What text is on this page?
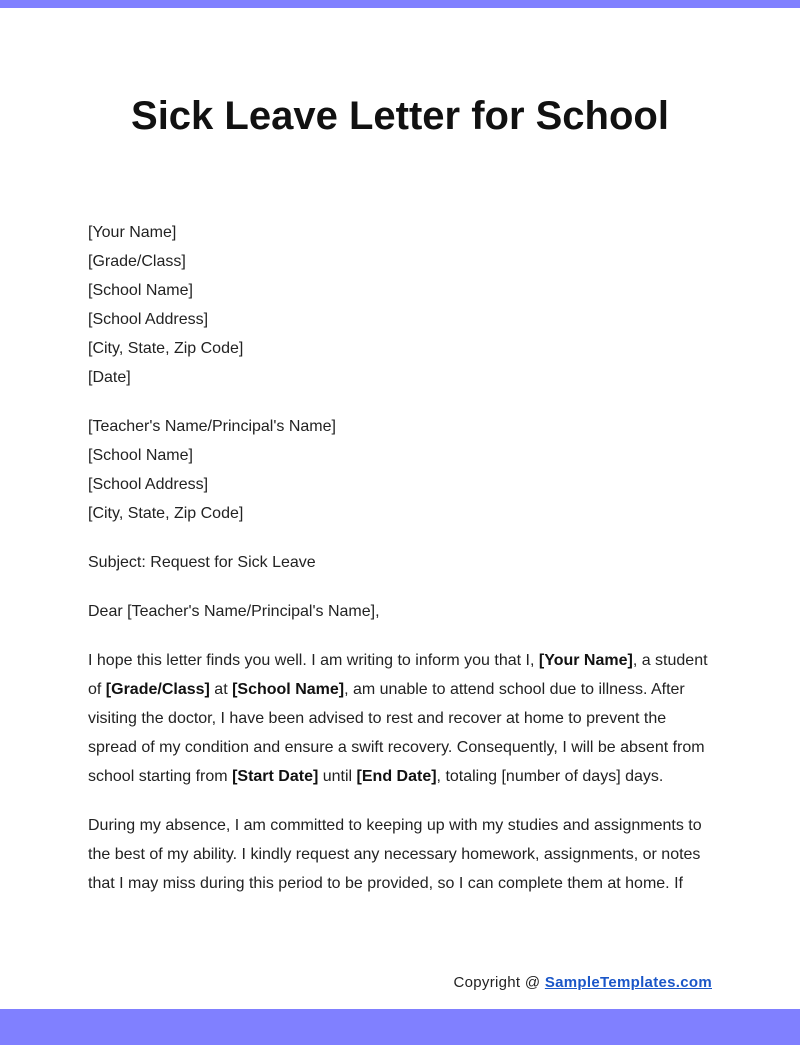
Sick Leave Letter for School
[Your Name]
[Grade/Class]
[School Name]
[School Address]
[City, State, Zip Code]
[Date]
[Teacher's Name/Principal's Name]
[School Name]
[School Address]
[City, State, Zip Code]

Subject: Request for Sick Leave

Dear [Teacher's Name/Principal's Name],

I hope this letter finds you well. I am writing to inform you that I, [Your Name], a student of [Grade/Class] at [School Name], am unable to attend school due to illness. After visiting the doctor, I have been advised to rest and recover at home to prevent the spread of my condition and ensure a swift recovery. Consequently, I will be absent from school starting from [Start Date] until [End Date], totaling [number of days] days.

During my absence, I am committed to keeping up with my studies and assignments to the best of my ability. I kindly request any necessary homework, assignments, or notes that I may miss during this period to be provided, so I can complete them at home. If

Copyright @ SampleTemplates.com
